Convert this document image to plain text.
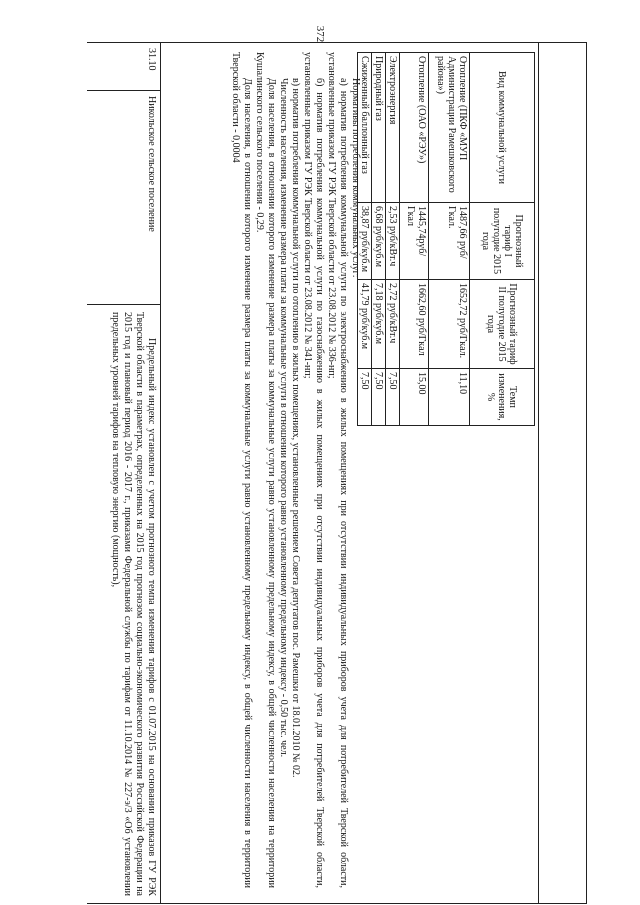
372
Вид коммунальной услуги	Прогнозный тариф I полугодие 2015 года	Прогнозный тариф II полугодие 2015 года	Темп изменения, %
Отопление (ПКФ «МУП Администрации Рамешковского района»)	1487,66 руб/Гкал.	1652,72 руб/Гкал.	11,10
Отопление (ОАО «РЭУ»)	1445,74руб/Гкал	1662,60 руб/Гкал	15,00
Электроэнергия	2,53 руб/кВт.ч	2,72 руб/кВт.ч	7,50
Природный газ	6,68 руб/куб.м	7,18 руб/куб.м	7,50
Сжиженный баллонный газ	38,87 руб/куб.м	41,79 руб/куб.м	7,50

Нормативы потребления коммунальных услуг:

а) норматив потребления коммунальной услуги по электроснабжению в жилых помещениях при отсутствии индивидуальных приборов учета для потребителей Тверской области, установленные приказом ГУ РЭК Тверской области от 23.08.2012 № 336-нп;

б) норматив потребления коммунальной услуги по газоснабжению в жилых помещениях при отсутствии индивидуальных приборов учета для потребителей Тверской области, установленные приказом ГУ РЭК Тверской области от 23.08.2012 № 341-нп;

в) норматив потребления коммунальной услуги по отоплению в жилых помещениях, установленные решением Совета депутатов пос. Рамешки от 18.01.2010 № 02.

Численность населения, изменение размера платы за коммунальные услуги в отношении которого равно установленному предельному индексу - 0,50 тыс. чел.

Доля населения, в отношении которого изменение размера платы за коммунальные услуги равно установленному предельному индексу, в общей численности населения на территории Кушалинского сельского поселения - 0,29.

Доля населения, в отношении которого изменение размера платы за коммунальные услуги равно установленному предельному индексу, в общей численности населения в территории Тверской области - 0,0004

31.10
Никольское сельское поселение

Предельный индекс установлен с учетом прогнозного темпа изменения тарифов с 01.07.2015 на основании приказов ГУ РЭК Тверской области в параметрах, определенных на 2015 год прогнозом социально-экономического развития Российской Федерации на 2015 год и плановый период 2016 - 2017 г., приказами Федеральной службы по тарифам от 11.10.2014 № 227-э/3 «Об установлении предельных уровней тарифов на тепловую энергию (мощность),
